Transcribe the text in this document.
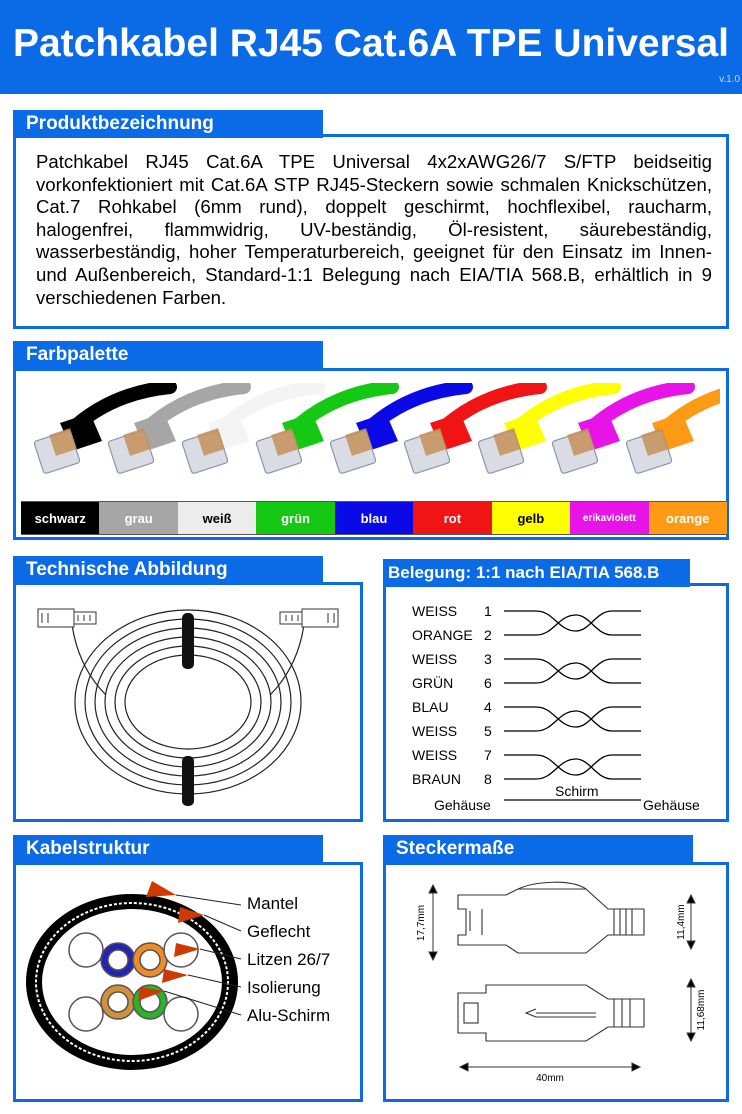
Patchkabel RJ45 Cat.6A TPE Universal
v.1.0

Patchkabel RJ45 Cat.6A TPE Universal 4x2xAWG26/7 S/FTP beidseitig vorkonfektioniert mit Cat.6A STP RJ45-Steckern sowie schmalen Knickschützen, Cat.7 Rohkabel (6mm rund), doppelt geschirmt, hochflexibel, raucharm, halogenfrei, flammwidrig, UV-beständig, Öl-resistent, säurebeständig, wasserbeständig, hoher Temperaturbereich, geeignet für den Einsatz im Innen- und Außenbereich, Standard-1:1 Belegung nach EIA/TIA 568.B, erhältlich in 9 verschiedenen Farben.

Produktbezeichnung
schwarz	grau	weiß	grün	blau	rot	gelb	erikaviolett	orange
Farbpalette
Technische Abbildung
WEISS 1
ORANGE 2
WEISS 3
GRÜN 6
BLAU	4
WEISS 5
WEISS 7
BRAUN 8
Gehäuse
Schirm
Gehäuse
Belegung: 1:1 nach EIA/TIA 568.B
Mantel
Geflecht
Litzen 26/7
Isolierung
Alu-Schirm
Kabelstruktur
17,7mm	11,4mm
11,68mm
40mm
Steckermaße
